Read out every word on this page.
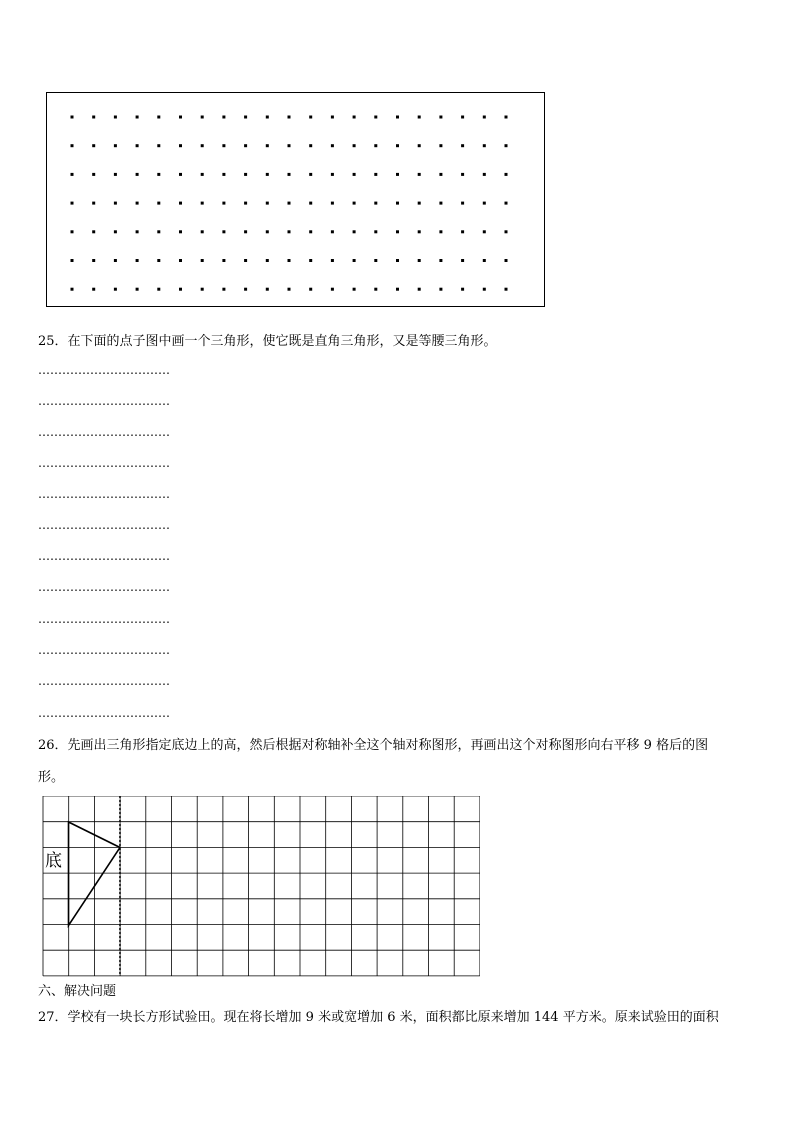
25．在下面的点子图中画一个三角形，使它既是直角三角形，又是等腰三角形。
……………………………
……………………………
……………………………
……………………………
……………………………
……………………………
……………………………
……………………………
……………………………
……………………………
……………………………
……………………………
26．先画出三角形指定底边上的高，然后根据对称轴补全这个轴对称图形，再画出这个对称图形向右平移 9 格后的图
形。
底
六、解决问题
27．学校有一块长方形试验田。现在将长增加 9 米或宽增加 6 米，面积都比原来增加 144 平方米。原来试验田的面积
